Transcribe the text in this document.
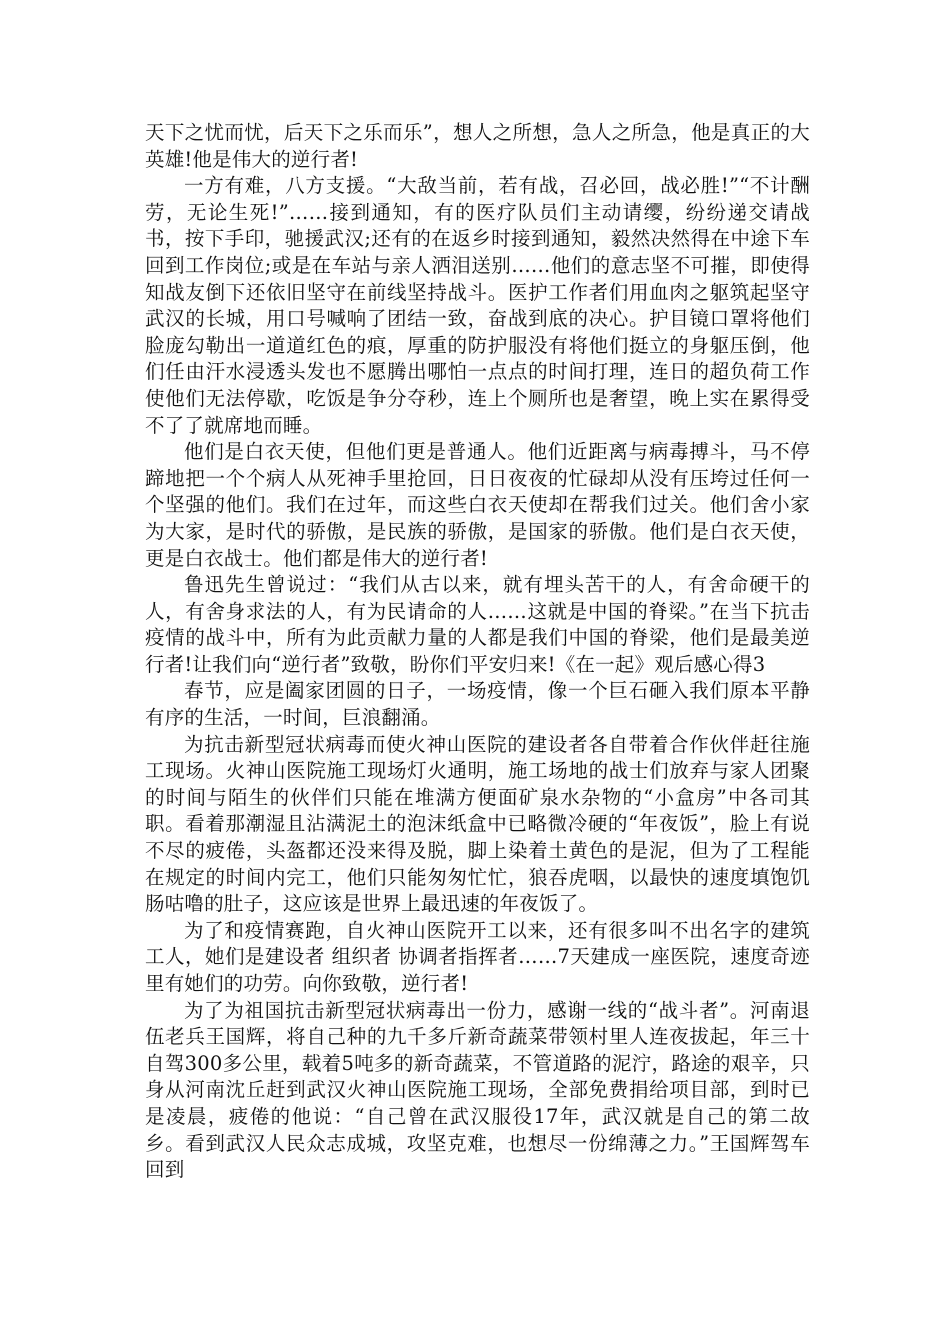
天下之忧而忧，后天下之乐而乐”，想人之所想，急人之所急，他是真正的大英雄!他是伟大的逆行者!

一方有难，八方支援。“大敌当前，若有战，召必回，战必胜!”“不计酬劳，无论生死!”……接到通知，有的医疗队员们主动请缨，纷纷递交请战书，按下手印，驰援武汉;还有的在返乡时接到通知，毅然决然得在中途下车回到工作岗位;或是在车站与亲人洒泪送别……他们的意志坚不可摧，即使得知战友倒下还依旧坚守在前线坚持战斗。医护工作者们用血肉之躯筑起坚守武汉的长城，用口号喊响了团结一致，奋战到底的决心。护目镜口罩将他们脸庞勾勒出一道道红色的痕，厚重的防护服没有将他们挺立的身躯压倒，他们任由汗水浸透头发也不愿腾出哪怕一点点的时间打理，连日的超负荷工作使他们无法停歇，吃饭是争分夺秒，连上个厕所也是奢望，晚上实在累得受不了了就席地而睡。

他们是白衣天使，但他们更是普通人。他们近距离与病毒搏斗，马不停蹄地把一个个病人从死神手里抢回，日日夜夜的忙碌却从没有压垮过任何一个坚强的他们。我们在过年，而这些白衣天使却在帮我们过关。他们舍小家为大家，是时代的骄傲，是民族的骄傲，是国家的骄傲。他们是白衣天使，更是白衣战士。他们都是伟大的逆行者!

鲁迅先生曾说过：“我们从古以来，就有埋头苦干的人，有舍命硬干的人，有舍身求法的人，有为民请命的人……这就是中国的脊梁。”在当下抗击疫情的战斗中，所有为此贡献力量的人都是我们中国的脊梁，他们是最美逆行者!让我们向“逆行者”致敬，盼你们平安归来!《在一起》观后感心得3

春节，应是阖家团圆的日子，一场疫情，像一个巨石砸入我们原本平静有序的生活，一时间，巨浪翻涌。

为抗击新型冠状病毒而使火神山医院的建设者各自带着合作伙伴赶往施工现场。火神山医院施工现场灯火通明，施工场地的战士们放弃与家人团聚的时间与陌生的伙伴们只能在堆满方便面矿泉水杂物的“小盒房”中各司其职。看着那潮湿且沾满泥土的泡沫纸盒中已略微冷硬的“年夜饭”，脸上有说不尽的疲倦，头盔都还没来得及脱，脚上染着土黄色的是泥，但为了工程能在规定的时间内完工，他们只能匆匆忙忙，狼吞虎咽，以最快的速度填饱饥肠咕噜的肚子，这应该是世界上最迅速的年夜饭了。

为了和疫情赛跑，自火神山医院开工以来，还有很多叫不出名字的建筑工人，她们是建设者 组织者 协调者指挥者……7天建成一座医院，速度奇迹里有她们的功劳。向你致敬，逆行者!

为了为祖国抗击新型冠状病毒出一份力，感谢一线的“战斗者”。河南退伍老兵王国辉，将自己种的九千多斤新奇蔬菜带领村里人连夜拔起，年三十自驾300多公里，载着5吨多的新奇蔬菜，不管道路的泥泞，路途的艰辛，只身从河南沈丘赶到武汉火神山医院施工现场，全部免费捐给项目部，到时已是凌晨，疲倦的他说：“自己曾在武汉服役17年，武汉就是自己的第二故乡。看到武汉人民众志成城，攻坚克难，也想尽一份绵薄之力。”王国辉驾车回到
